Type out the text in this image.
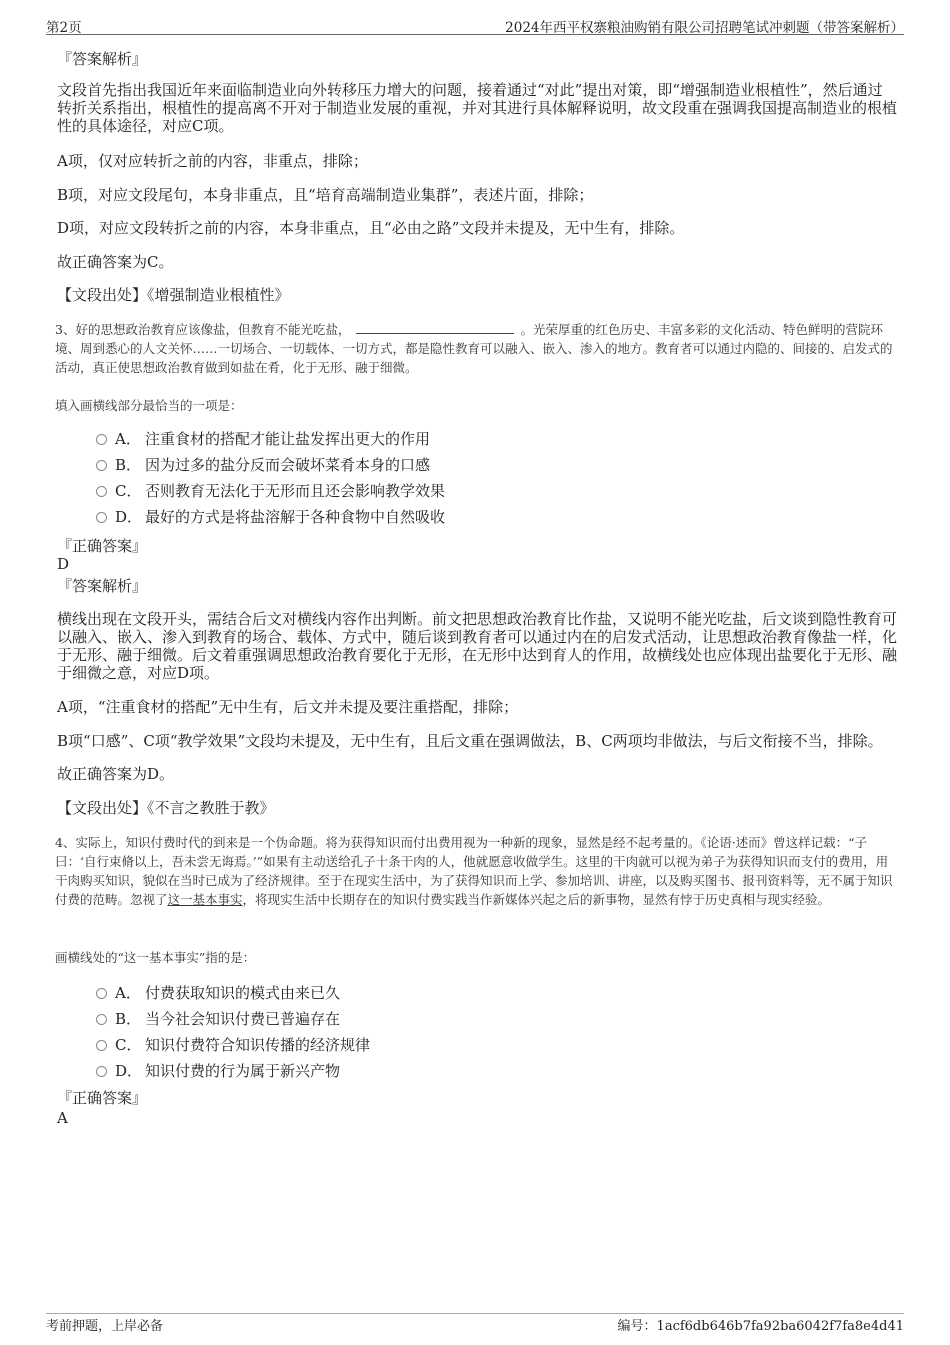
第2页	2024年西平权寨粮油购销有限公司招聘笔试冲刺题（带答案解析）
『答案解析』
文段首先指出我国近年来面临制造业向外转移压力增大的问题，接着通过“对此”提出对策，即“增强制造业根植性”，然后通过转折关系指出，根植性的提高离不开对于制造业发展的重视，并对其进行具体解释说明，故文段重在强调我国提高制造业的根植性的具体途径，对应C项。
A项，仅对应转折之前的内容，非重点，排除；
B项，对应文段尾句，本身非重点，且“培育高端制造业集群”，表述片面，排除；
D项，对应文段转折之前的内容，本身非重点，且“必由之路”文段并未提及，无中生有，排除。
故正确答案为C。
【文段出处】《增强制造业根植性》
3、好的思想政治教育应该像盐，但教育不能光吃盐，	。光荣厚重的红色历史、丰富多彩的文化活动、特色鲜明的营院环境、周到悉心的人文关怀……一切场合、一切载体、一切方式，都是隐性教育可以融入、嵌入、渗入的地方。教育者可以通过内隐的、间接的、启发式的活动，真正使思想政治教育做到如盐在肴，化于无形、融于细微。
填入画横线部分最恰当的一项是：
A． 注重食材的搭配才能让盐发挥出更大的作用
B． 因为过多的盐分反而会破坏菜肴本身的口感
C． 否则教育无法化于无形而且还会影响教学效果
D． 最好的方式是将盐溶解于各种食物中自然吸收
『正确答案』
D
『答案解析』
横线出现在文段开头，需结合后文对横线内容作出判断。前文把思想政治教育比作盐，又说明不能光吃盐，后文谈到隐性教育可以融入、嵌入、渗入到教育的场合、载体、方式中，随后谈到教育者可以通过内在的启发式活动，让思想政治教育像盐一样，化于无形、融于细微。后文着重强调思想政治教育要化于无形，在无形中达到育人的作用，故横线处也应体现出盐要化于无形、融于细微之意，对应D项。
A项，“注重食材的搭配”无中生有，后文并未提及要注重搭配，排除；
B项“口感”、C项“教学效果”文段均未提及，无中生有，且后文重在强调做法，B、C两项均非做法，与后文衔接不当，排除。
故正确答案为D。
【文段出处】《不言之教胜于教》
4、实际上，知识付费时代的到来是一个伪命题。将为获得知识而付出费用视为一种新的现象，显然是经不起考量的。《论语·述而》曾这样记载：“子曰：‘自行束脩以上，吾未尝无诲焉。’”如果有主动送给孔子十条干肉的人，他就愿意收做学生。这里的干肉就可以视为弟子为获得知识而支付的费用，用干肉购买知识，貌似在当时已成为了经济规律。至于在现实生活中，为了获得知识而上学、参加培训、讲座，以及购买图书、报刊资料等，无不属于知识付费的范畴。忽视了这一基本事实，将现实生活中长期存在的知识付费实践当作新媒体兴起之后的新事物，显然有悖于历史真相与现实经验。
画横线处的“这一基本事实”指的是：
A． 付费获取知识的模式由来已久
B． 当今社会知识付费已普遍存在
C． 知识付费符合知识传播的经济规律
D． 知识付费的行为属于新兴产物
『正确答案』
A
考前押题，上岸必备	编号：1acf6db646b7fa92ba6042f7fa8e4d41
